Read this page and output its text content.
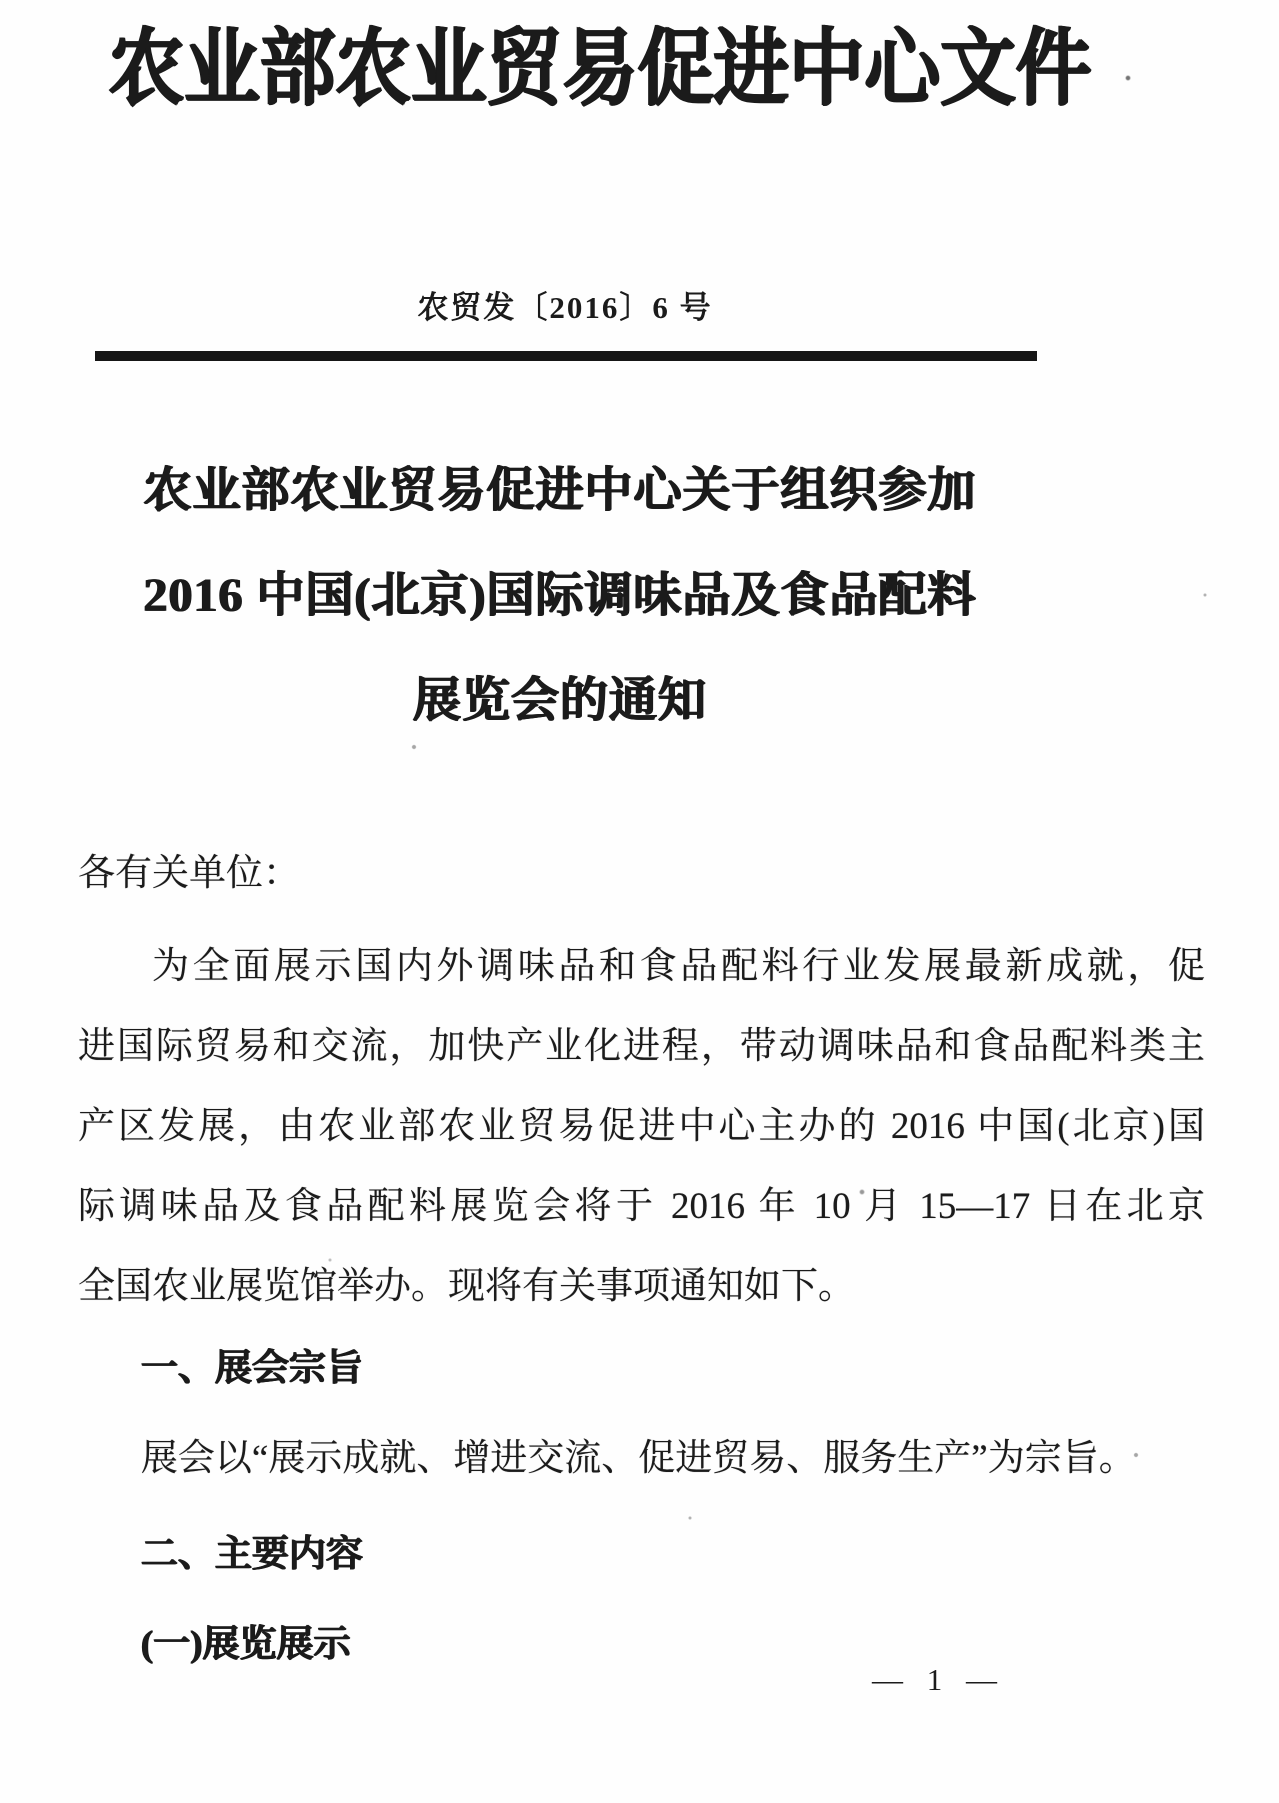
农业部农业贸易促进中心文件
农贸发〔2016〕6 号
农业部农业贸易促进中心关于组织参加
2016 中国(北京)国际调味品及食品配料
展览会的通知

各有关单位：

为全面展示国内外调味品和食品配料行业发展最新成就，促
进国际贸易和交流，加快产业化进程，带动调味品和食品配料类主
产区发展，由农业部农业贸易促进中心主办的 2016 中国(北京)国
际调味品及食品配料展览会将于 2016 年 10 月 15—17 日在北京
全国农业展览馆举办。现将有关事项通知如下。

一、展会宗旨

展会以“展示成就、增进交流、促进贸易、服务生产”为宗旨。

二、主要内容

(一)展览展示

— 1 —
